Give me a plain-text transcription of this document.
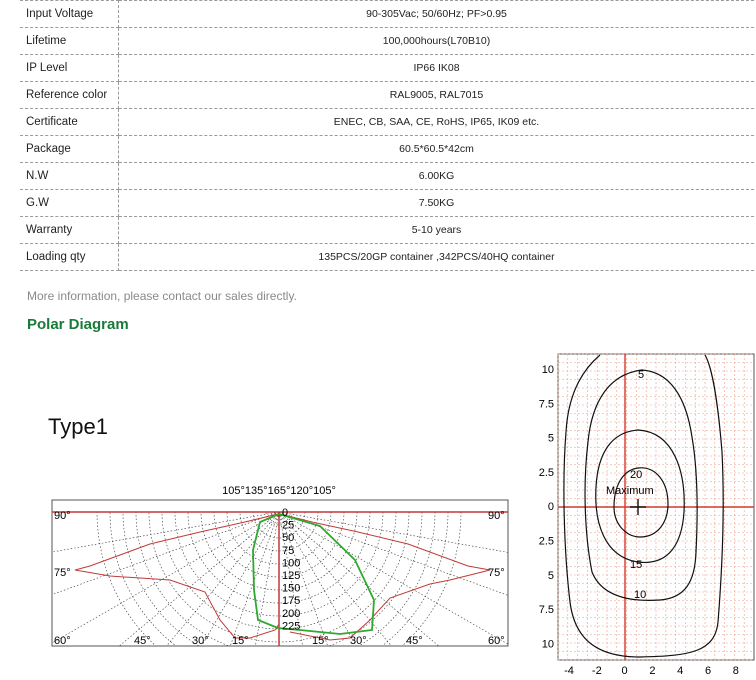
Input Voltage	90-305Vac; 50/60Hz; PF>0.95
Lifetime	100,000hours(L70B10)
IP Level	IP66 IK08
Reference color	RAL9005, RAL7015
Certificate	ENEC, CB, SAA, CE, RoHS, IP65, IK09 etc.
Package	60.5*60.5*42cm
N.W	6.00KG
G.W	7.50KG
Warranty	5-10 years
Loading qty	135PCS/20GP container ,342PCS/40HQ container
More information, please contact our sales directly.
Polar Diagram
Type1
105°135°165°120°105°
90°	90°
75°	75°
60°	60°
45°	30° 15°	15° 30°	45°
0
25
50
75
100
125
150
175
200
225
5
20
Maximum
15
10
10
7.5
5
2.5
0
2.5
5
7.5
10
-4 -2 0 2 4 6 8
